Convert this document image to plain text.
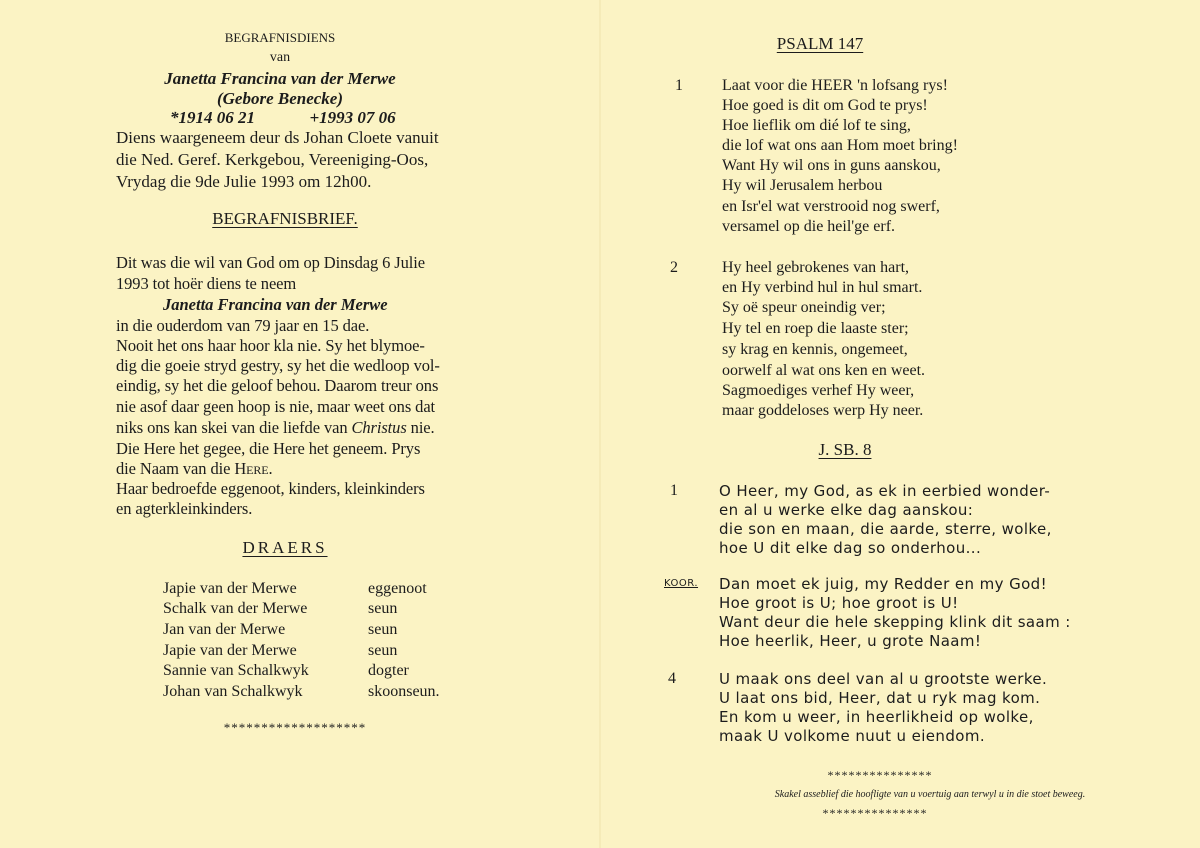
BEGRAFNISDIENS
van
Janetta Francina van der Merwe
(Gebore Benecke)
*1914 06 21	+1993 07 06
Diens waargeneem deur ds Johan Cloete vanuit
die Ned. Geref. Kerkgebou, Vereeniging-Oos,
Vrydag die 9de Julie 1993 om 12h00.
BEGRAFNISBRIEF.
Dit was die wil van God om op Dinsdag 6 Julie
1993 tot hoër diens te neem
Janetta Francina van der Merwe
in die ouderdom van 79 jaar en 15 dae.
Nooit het ons haar hoor kla nie. Sy het blymoe-
dig die goeie stryd gestry, sy het die wedloop vol-
eindig, sy het die geloof behou. Daarom treur ons
nie asof daar geen hoop is nie, maar weet ons dat
niks ons kan skei van die liefde van Christus nie.
Die Here het gegee, die Here het geneem. Prys
die Naam van die Here.
Haar bedroefde eggenoot, kinders, kleinkinders
en agterkleinkinders.
DRAERS
Japie van der Merwe	eggenoot
Schalk van der Merwe	seun
Jan van der Merwe	seun
Japie van der Merwe	seun
Sannie van Schalkwyk	dogter
Johan van Schalkwyk	skoonseun.
*******************
PSALM 147
1 Laat voor die HEER 'n lofsang rys!
Hoe goed is dit om God te prys!
Hoe lieflik om dié lof te sing,
die lof wat ons aan Hom moet bring!
Want Hy wil ons in guns aanskou,
Hy wil Jerusalem herbou
en Isr'el wat verstrooid nog swerf,
versamel op die heil'ge erf.
2	Hy heel gebrokenes van hart,
en Hy verbind hul in hul smart.
Sy oë speur oneindig ver;
Hy tel en roep die laaste ster;
sy krag en kennis, ongemeet,
oorwelf al wat ons ken en weet.
Sagmoediges verhef Hy weer,
maar goddeloses werp Hy neer.
J. SB. 8
1	O Heer, my God, as ek in eerbied wonder-
en al u werke elke dag aanskou:
die son en maan, die aarde, sterre, wolke,
hoe U dit elke dag so onderhou...
KOOR. Dan moet ek juig, my Redder en my God!
Hoe groot is U; hoe groot is U!
Want deur die hele skepping klink dit saam :
Hoe heerlik, Heer, u grote Naam!
4	U maak ons deel van al u grootste werke.
U laat ons bid, Heer, dat u ryk mag kom.
En kom u weer, in heerlikheid op wolke,
maak U volkome nuut u eiendom.
***************
Skakel asseblief die hoofligte van u voertuig aan terwyl u in die stoet beweeg.
***************
